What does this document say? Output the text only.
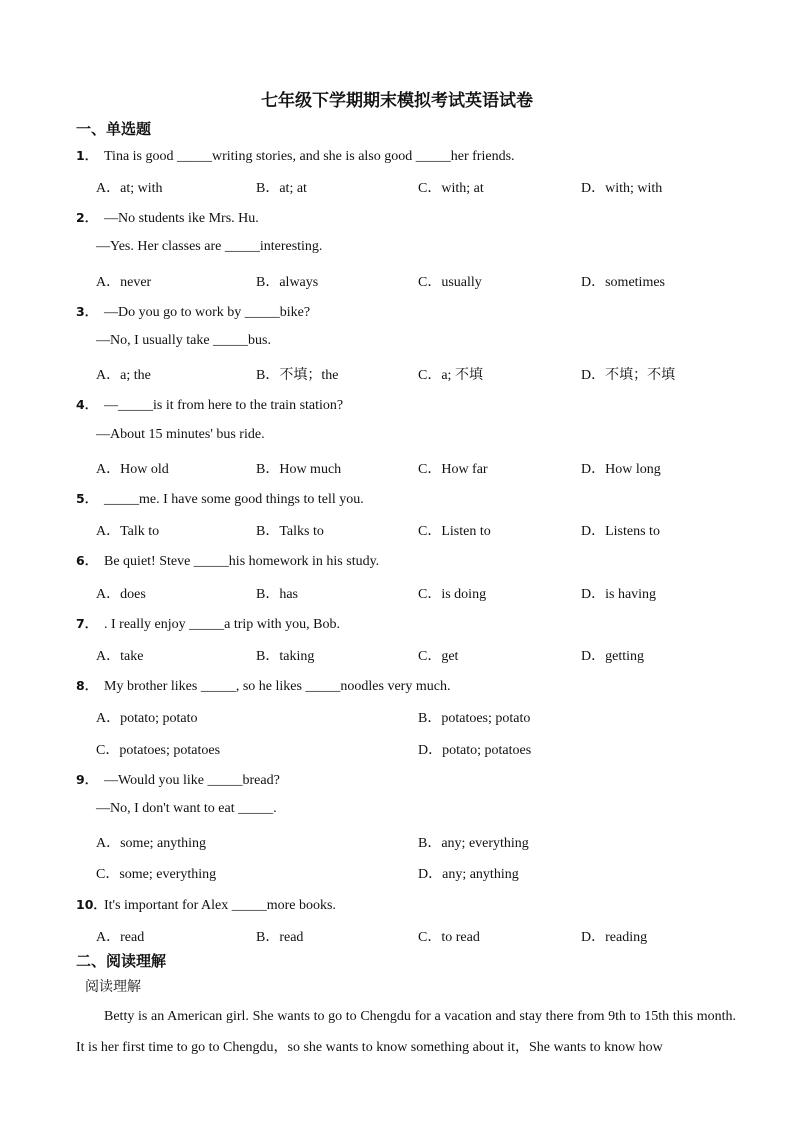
七年级下学期期末模拟考试英语试卷
一、单选题
1． Tina is good _____writing stories, and she is also good _____her friends.
A．at; with	B．at; at	C．with; at	D．with; with
2． —No students ike Mrs. Hu.
—Yes. Her classes are _____interesting.
A．never	B．always	C．usually	D．sometimes
3． —Do you go to work by _____bike?
—No, I usually take _____bus.
A．a; the	B．不填；the	C．a; 不填	D．不填；不填
4． —_____is it from here to the train station?
—About 15 minutes' bus ride.
A．How old	B．How much	C．How far	D．How long
5． _____me. I have some good things to tell you.
A．Talk to	B．Talks to	C．Listen to	D．Listens to
6． Be quiet! Steve _____his homework in his study.
A．does	B．has	C．is doing	D．is having
7． . I really enjoy _____a trip with you, Bob.
A．take	B．taking	C．get	D．getting
8． My brother likes _____, so he likes _____noodles very much.
A．potato; potato	B．potatoes; potato
C．potatoes; potatoes	D．potato; potatoes
9． —Would you like _____bread?
—No, I don't want to eat _____.
A．some; anything	B．any; everything
C．some; everything	D．any; anything
10．It's important for Alex _____more books.
A．read	B．read	C．to read	D．reading
二、阅读理解
阅读理解
Betty is an American girl. She wants to go to Chengdu for a vacation and stay there from 9th to 15th this month. It is her first time to go to Chengdu，so she wants to know something about it，She wants to know how
